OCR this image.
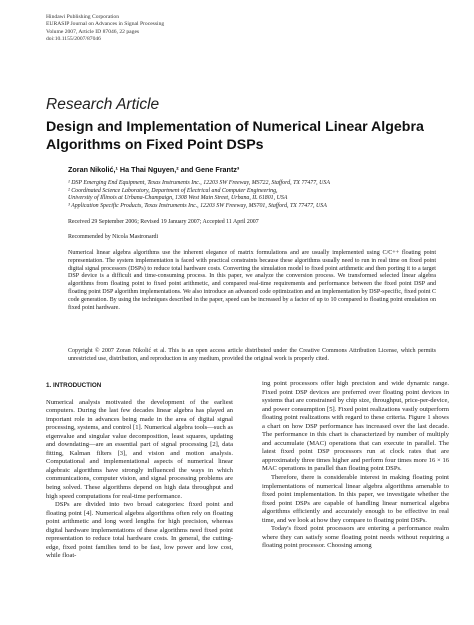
Hindawi Publishing Corporation
EURASIP Journal on Advances in Signal Processing
Volume 2007, Article ID 87046, 22 pages
doi:10.1155/2007/87046
Research Article
Design and Implementation of Numerical Linear Algebra Algorithms on Fixed Point DSPs
Zoran Nikolić,¹ Ha Thai Nguyen,² and Gene Frantz³
¹ DSP Emerging End Equipment, Texas Instruments Inc., 12203 SW Freeway, MS722, Stafford, TX 77477, USA
² Coordinated Science Laboratory, Department of Electrical and Computer Engineering,
University of Illinois at Urbana-Champaign, 1308 West Main Street, Urbana, IL 61801, USA
³ Application Specific Products, Texas Instruments Inc., 12203 SW Freeway, MS701, Stafford, TX 77477, USA
Received 29 September 2006; Revised 19 January 2007; Accepted 11 April 2007
Recommended by Nicola Mastronardi
Numerical linear algebra algorithms use the inherent elegance of matrix formulations and are usually implemented using C/C++ floating point representation. The system implementation is faced with practical constraints because these algorithms usually need to run in real time on fixed point digital signal processors (DSPs) to reduce total hardware costs. Converting the simulation model to fixed point arithmetic and then porting it to a target DSP device is a difficult and time-consuming process. In this paper, we analyze the conversion process. We transformed selected linear algebra algorithms from floating point to fixed point arithmetic, and compared real-time requirements and performance between the fixed point DSP and floating point DSP algorithm implementations. We also introduce an advanced code optimization and an implementation by DSP-specific, fixed point C code generation. By using the techniques described in the paper, speed can be increased by a factor of up to 10 compared to floating point emulation on fixed point hardware.
Copyright © 2007 Zoran Nikolić et al. This is an open access article distributed under the Creative Commons Attribution License, which permits unrestricted use, distribution, and reproduction in any medium, provided the original work is properly cited.
1. INTRODUCTION

Numerical analysis motivated the development of the earliest computers. During the last few decades linear algebra has played an important role in advances being made in the area of digital signal processing, systems, and control [1]. Numerical algebra tools—such as eigenvalue and singular value decomposition, least squares, updating and downdating—are an essential part of signal processing [2], data fitting, Kalman filters [3], and vision and motion analysis. Computational and implementational aspects of numerical linear algebraic algorithms have strongly influenced the ways in which communications, computer vision, and signal processing problems are being solved. These algorithms depend on high data throughput and high speed computations for real-time performance.

DSPs are divided into two broad categories: fixed point and floating point [4]. Numerical algebra algorithms often rely on floating point arithmetic and long word lengths for high precision, whereas digital hardware implementations of these algorithms need fixed point representation to reduce total hardware costs. In general, the cutting-edge, fixed point families tend to be fast, low power and low cost, while float-

ing point processors offer high precision and wide dynamic range. Fixed point DSP devices are preferred over floating point devices in systems that are constrained by chip size, throughput, price-per-device, and power consumption [5]. Fixed point realizations vastly outperform floating point realizations with regard to these criteria. Figure 1 shows a chart on how DSP performance has increased over the last decade. The performance in this chart is characterized by number of multiply and accumulate (MAC) operations that can execute in parallel. The latest fixed point DSP processors run at clock rates that are approximately three times higher and perform four times more 16 × 16 MAC operations in parallel than floating point DSPs.

Therefore, there is considerable interest in making floating point implementations of numerical linear algebra algorithms amenable to fixed point implementation. In this paper, we investigate whether the fixed point DSPs are capable of handling linear numerical algebra algorithms efficiently and accurately enough to be effective in real time, and we look at how they compare to floating point DSPs.

Today's fixed point processors are entering a performance realm where they can satisfy some floating point needs without requiring a floating point processor. Choosing among
